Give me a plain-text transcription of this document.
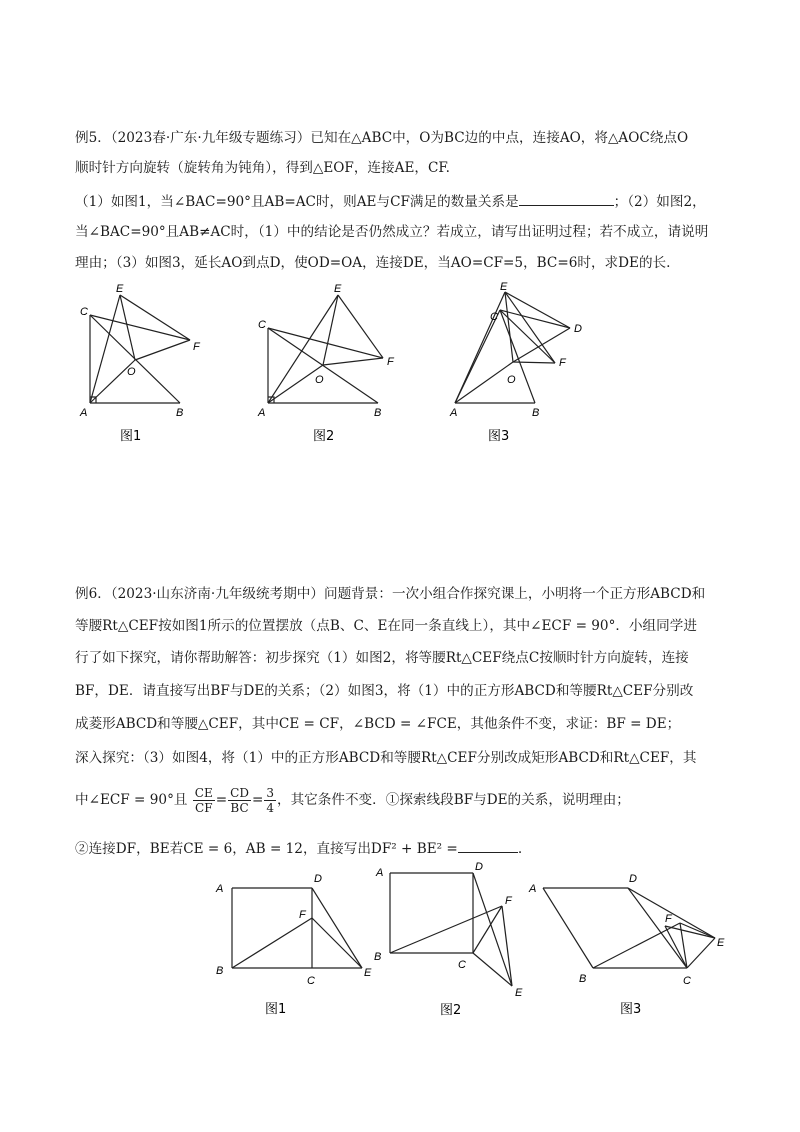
例5．（2023春·广东·九年级专题练习）已知在△ABC中，O为BC边的中点，连接AO，将△AOC绕点O
顺时针方向旋转（旋转角为钝角），得到△EOF，连接AE，CF.
（1）如图1，当∠BAC=90°且AB=AC时，则AE与CF满足的数量关系是	；（2）如图2，
当∠BAC=90°且AB≠AC时，（1）中的结论是否仍然成立？若成立，请写出证明过程；若不成立，请说明
理由；（3）如图3，延长AO到点D，使OD=OA，连接DE，当AO=CF=5，BC=6时，求DE的长.
C
E
F
O
A	B
图1
C
E
F
O
A	B
图2
E
C
D
F
O
A	B
图3
例6．（2023·山东济南·九年级统考期中）问题背景：一次小组合作探究课上，小明将一个正方形ABCD和
等腰Rt△CEF按如图1所示的位置摆放（点B、C、E在同一条直线上），其中∠ECF = 90°．小组同学进
行了如下探究，请你帮助解答：初步探究（1）如图2，将等腰Rt△CEF绕点C按顺时针方向旋转，连接
BF，DE．请直接写出BF与DE的关系；（2）如图3，将（1）中的正方形ABCD和等腰Rt△CEF分别改
成菱形ABCD和等腰△CEF，其中CE = CF，∠BCD = ∠FCE，其他条件不变，求证：BF = DE；
深入探究：（3）如图4，将（1）中的正方形ABCD和等腰Rt△CEF分别改成矩形ABCD和Rt△CEF，其
中∠ECF = 90°且 $\frac{CE}{CF} = \frac{CD}{BC} = \frac{3}{4}$ ，其它条件不变．①探索线段BF与DE的关系，说明理由；
②连接DF，BE若CE = 6，AB = 12，直接写出DF² + BE² =	.
A
D
F
B
C
E
图1
A	D
F
B
C
E
图2
A
D
F
E
B	C
图3
